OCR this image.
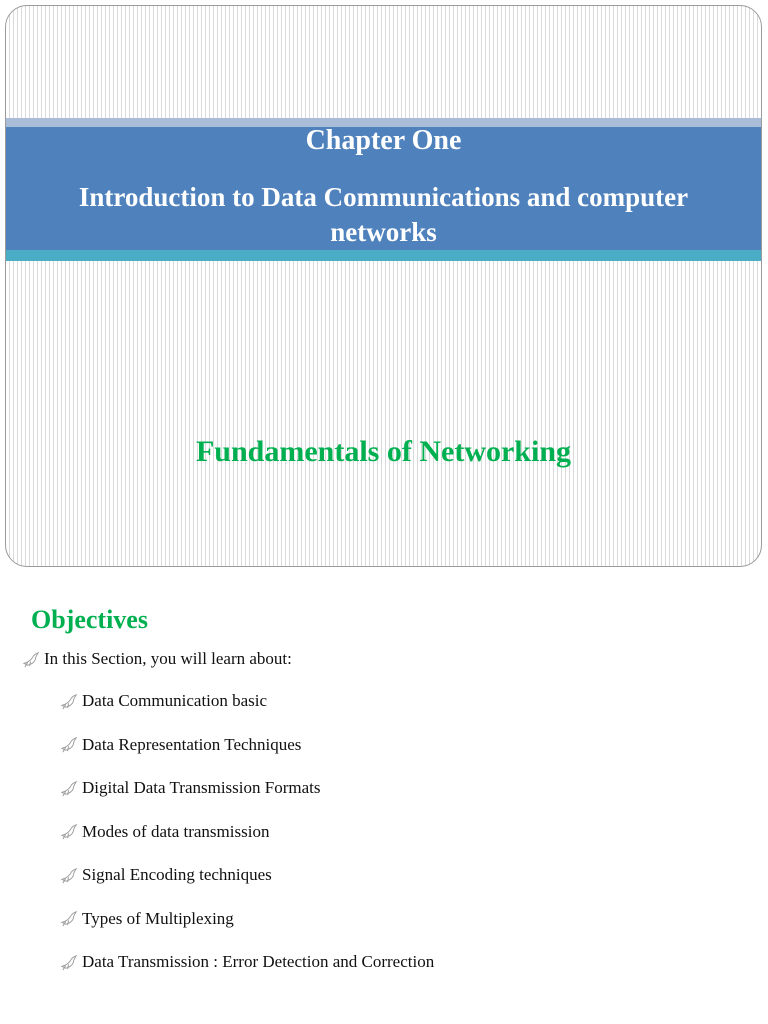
Chapter One
Introduction to Data Communications and computer networks
Fundamentals of Networking
Objectives
In this Section, you will learn about:
Data Communication basic
Data Representation Techniques
Digital Data Transmission Formats
Modes of data transmission
Signal Encoding techniques
Types of Multiplexing
Data Transmission : Error Detection and Correction
